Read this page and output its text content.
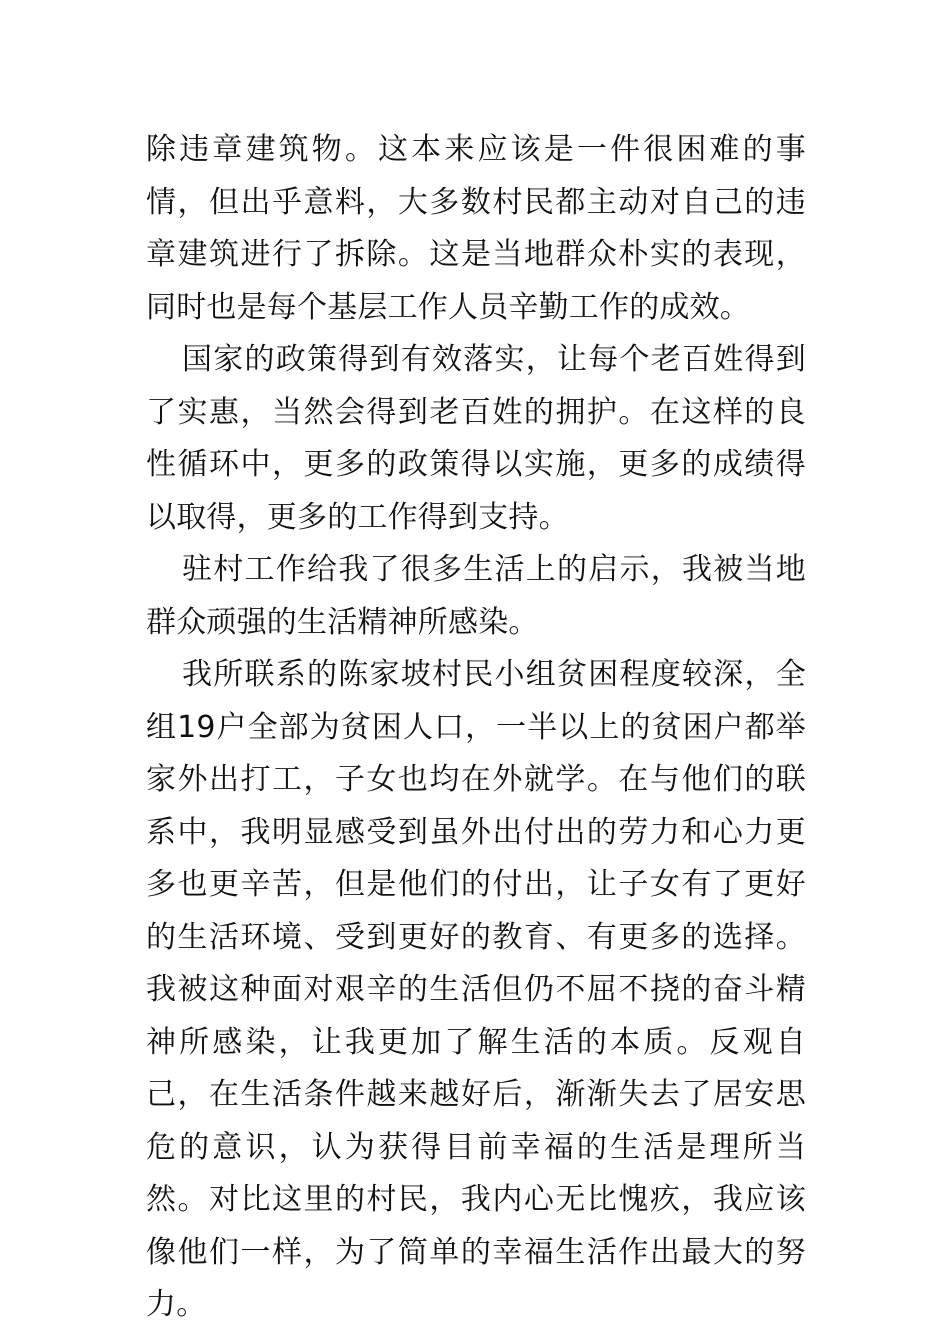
除违章建筑物。这本来应该是一件很困难的事情，但出乎意料，大多数村民都主动对自己的违章建筑进行了拆除。这是当地群众朴实的表现，同时也是每个基层工作人员辛勤工作的成效。

国家的政策得到有效落实，让每个老百姓得到了实惠，当然会得到老百姓的拥护。在这样的良性循环中，更多的政策得以实施，更多的成绩得以取得，更多的工作得到支持。

驻村工作给我了很多生活上的启示，我被当地群众顽强的生活精神所感染。

我所联系的陈家坡村民小组贫困程度较深，全组19户全部为贫困人口，一半以上的贫困户都举家外出打工，子女也均在外就学。在与他们的联系中，我明显感受到虽外出付出的劳力和心力更多也更辛苦，但是他们的付出，让子女有了更好的生活环境、受到更好的教育、有更多的选择。我被这种面对艰辛的生活但仍不屈不挠的奋斗精神所感染，让我更加了解生活的本质。反观自己，在生活条件越来越好后，渐渐失去了居安思危的意识，认为获得目前幸福的生活是理所当然。对比这里的村民，我内心无比愧疚，我应该像他们一样，为了简单的幸福生活作出最大的努力。
